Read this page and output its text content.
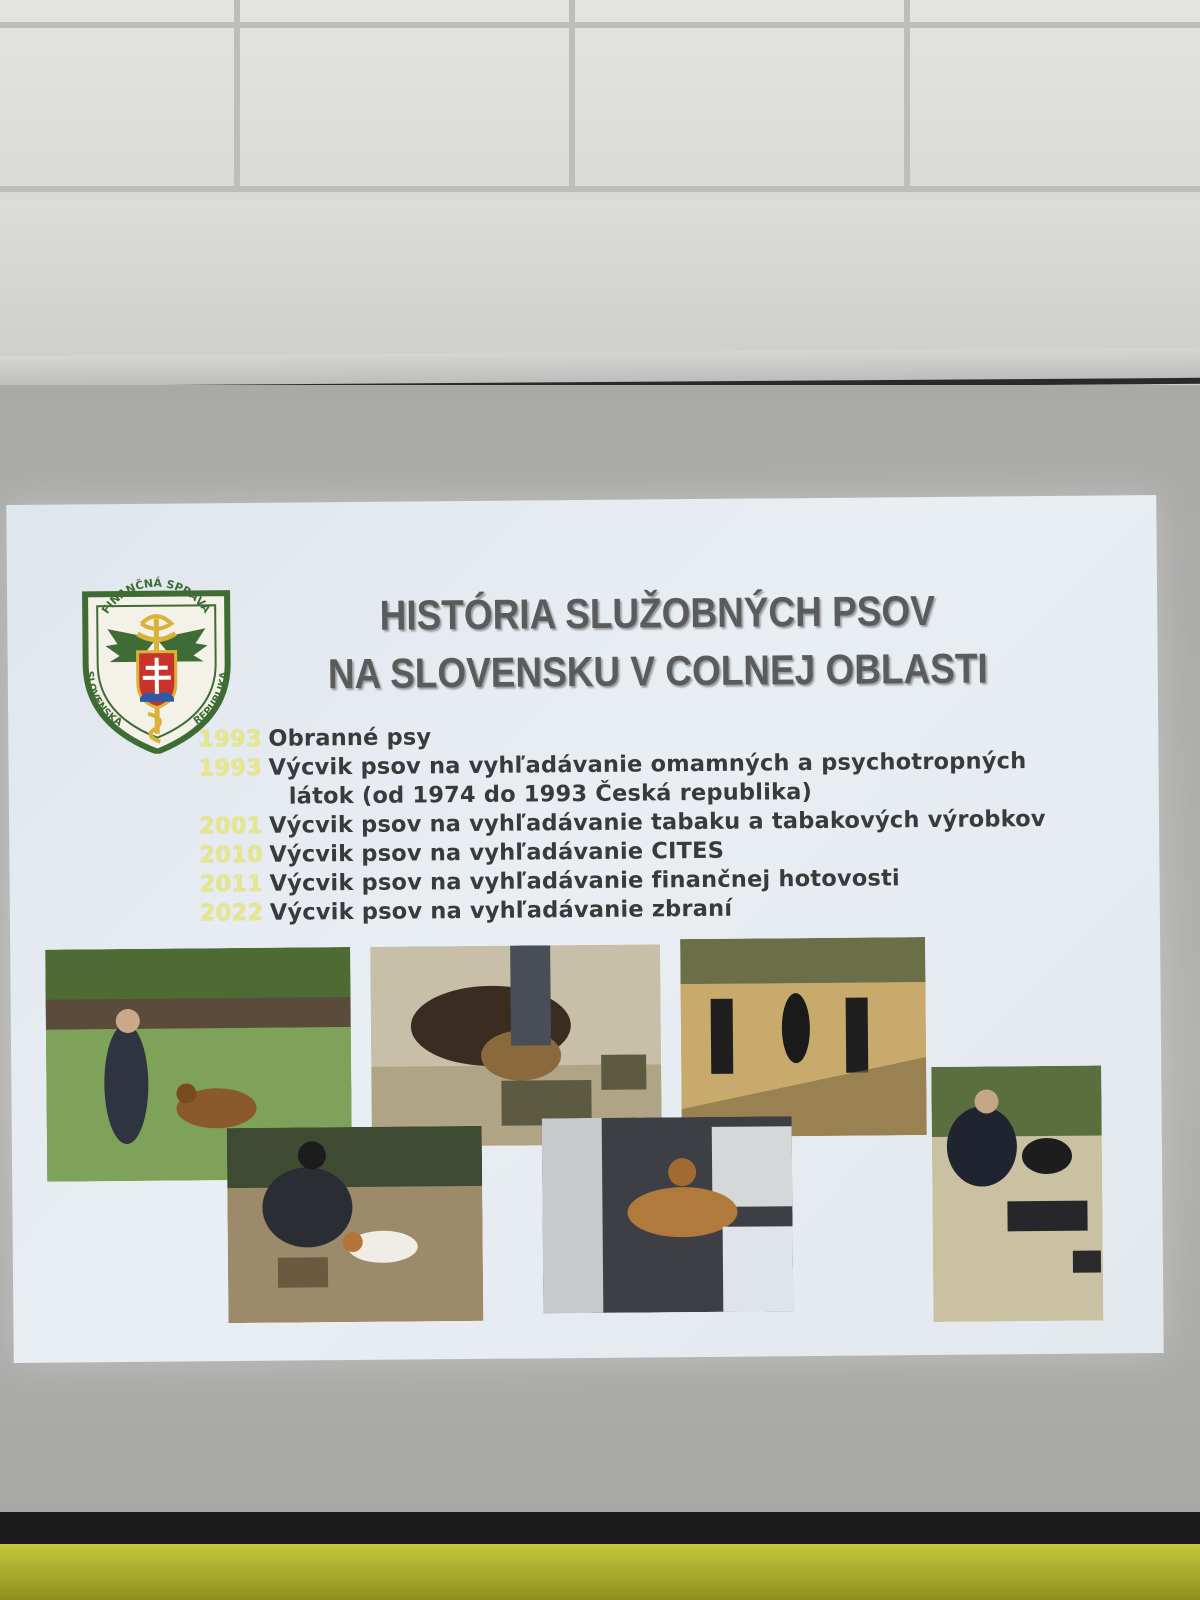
FINANČNÁ SPRÁVA
SLOVENSKÁ	REPUBLIKA
HISTÓRIA SLUŽOBNÝCH PSOV
NA SLOVENSKU V COLNEJ OBLASTI
1993 Obranné psy
1993 Výcvik psov na vyhľadávanie omamných a psychotropných
látok (od 1974 do 1993 Česká republika)
2001 Výcvik psov na vyhľadávanie tabaku a tabakových výrobkov
2010 Výcvik psov na vyhľadávanie CITES
2011 Výcvik psov na vyhľadávanie finančnej hotovosti
2022 Výcvik psov na vyhľadávanie zbraní
